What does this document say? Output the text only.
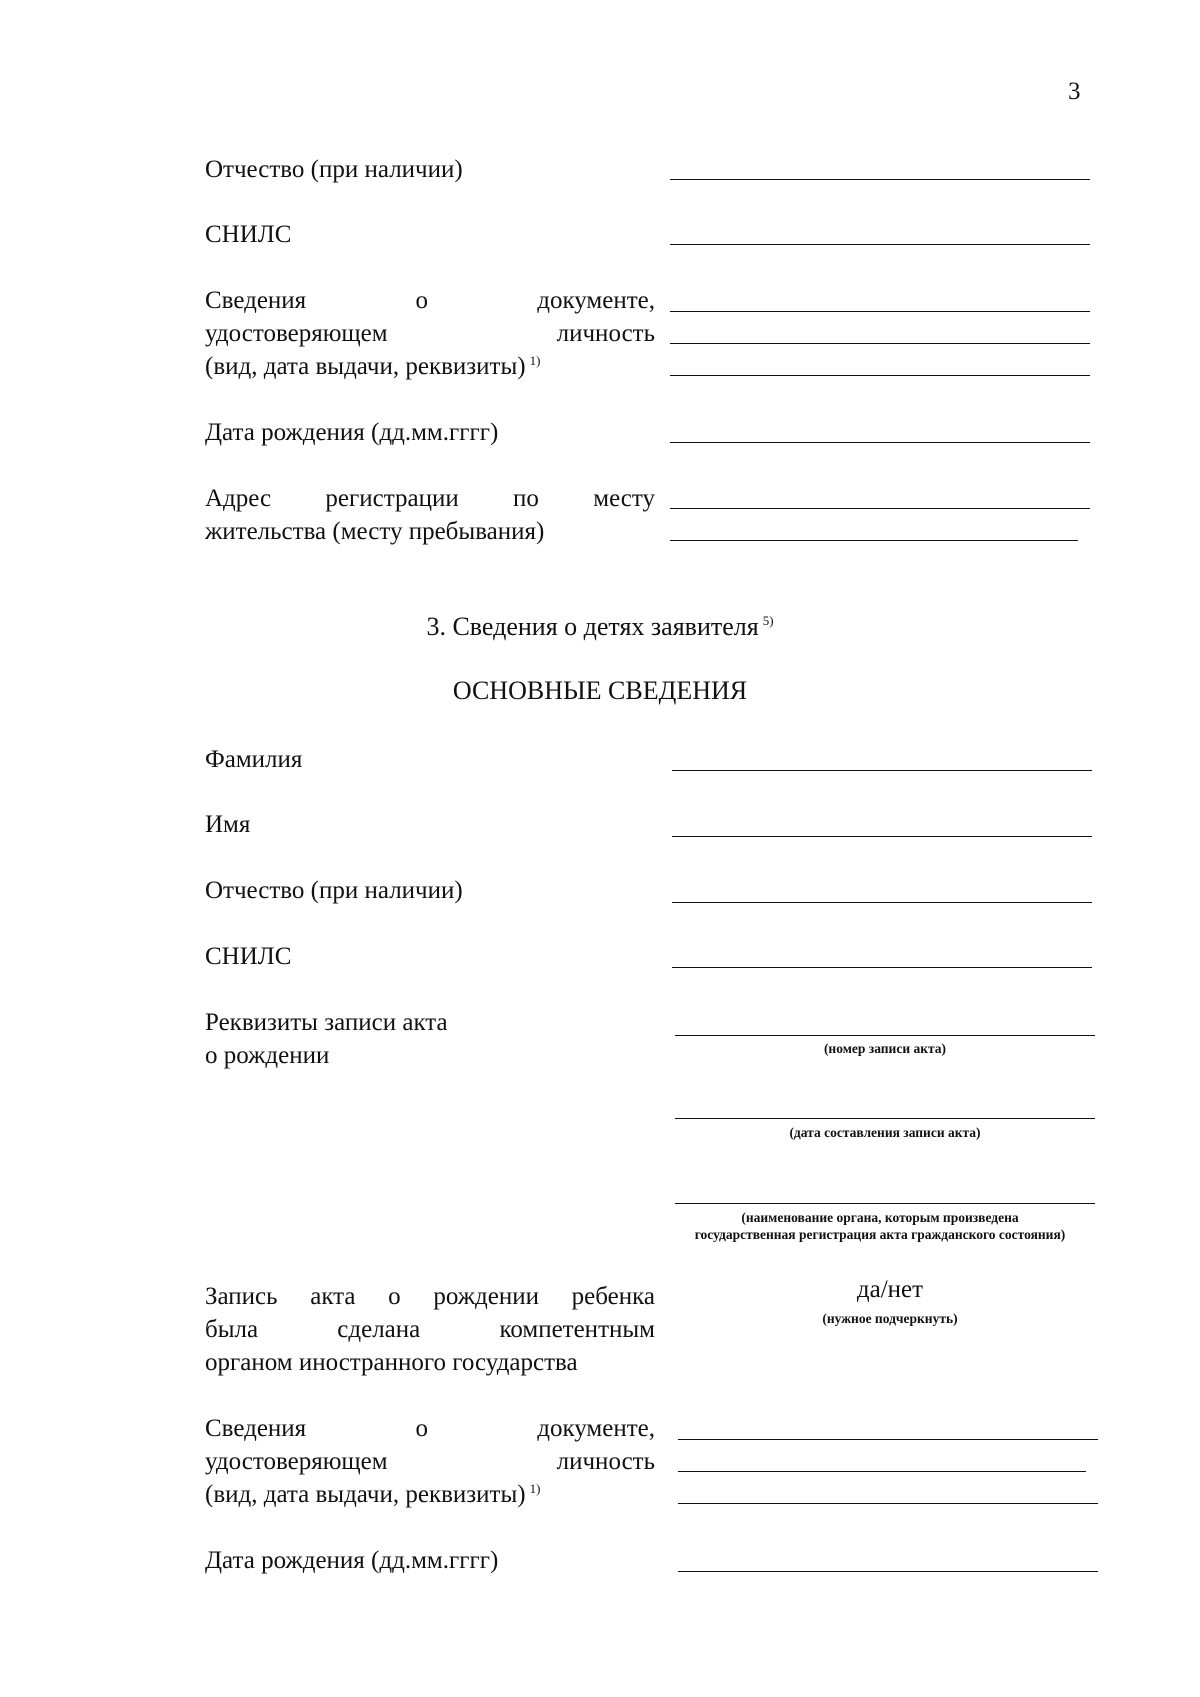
3
Отчество (при наличии)
СНИЛС
Сведения о документе,
удостоверяющем личность

(вид, дата выдачи, реквизиты) $^{1)}$
Дата рождения (дд.мм.гггг)
Адрес регистрации по месту

жительства (месту пребывания)
3. Сведения о детях заявителя $^{5)}$
ОСНОВНЫЕ СВЕДЕНИЯ
Фамилия
Имя
Отчество (при наличии)
СНИЛС
Реквизиты записи акта
о рождении	(номер записи акта)
(дата составления записи акта)
(наименование органа, которым произведена
государственная регистрация акта гражданского состояния)
Запись акта о рождении ребенка
была сделана компетентным

органом иностранного государства
да/нет
(нужное подчеркнуть)
Сведения о документе,
удостоверяющем личность

(вид, дата выдачи, реквизиты) $^{1)}$
Дата рождения (дд.мм.гггг)
